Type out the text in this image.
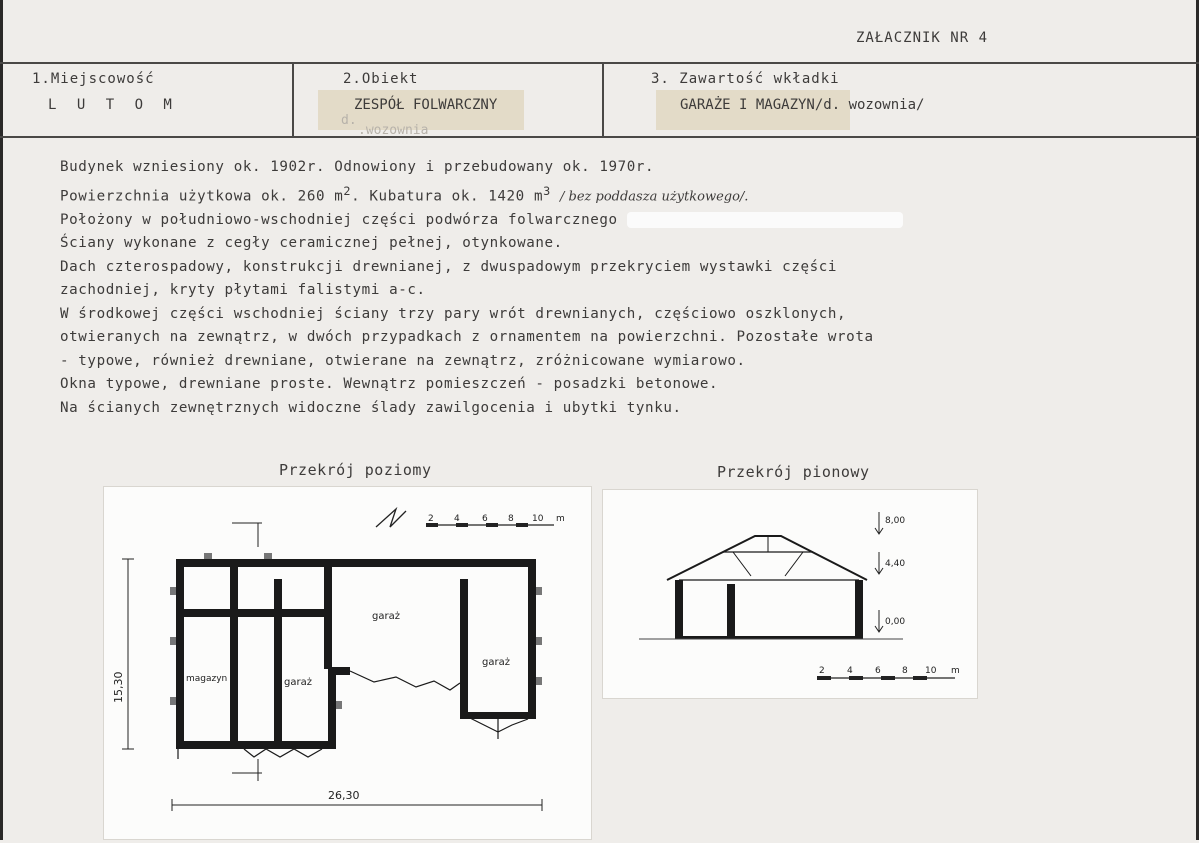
ZAŁACZNIK NR 4
1.Miejscowość
L U T O M
2.Obiekt
ZESPÓŁ FOLWARCZNY
d.
.wozownia
3. Zawartość wkładki
GARAŻE I MAGAZYN/d. wozownia/
Budynek wzniesiony ok. 1902r. Odnowiony i przebudowany ok. 1970r.
Powierzchnia użytkowa ok. 260 $m^2$. Kubatura ok. 1420 $m^3$ / bez poddasza użytkowego/.
Położony w południowo-wschodniej części podwórza folwarcznego
Ściany wykonane z cegły ceramicznej pełnej, otynkowane.
Dach czterospadowy, konstrukcji drewnianej, z dwuspadowym przekryciem wystawki części
zachodniej, kryty płytami falistymi a-c.
W środkowej części wschodniej ściany trzy pary wrót drewnianych, częściowo oszklonych,
otwieranych na zewnątrz, w dwóch przypadkach z ornamentem na powierzchni. Pozostałe wrota
- typowe, również drewniane, otwierane na zewnątrz, zróżnicowane wymiarowo.
Okna typowe, drewniane proste. Wewnątrz pomieszczeń - posadzki betonowe.
Na ścianych zewnętrznych widoczne ślady zawilgocenia i ubytki tynku.
Przekrój poziomy	Przekrój pionowy
2 4 6 8 10 m
magazyn	garaż
garaż
garaż
15,30
26,30
8,00
4,40
0,00
2 4 6 8 10 m
